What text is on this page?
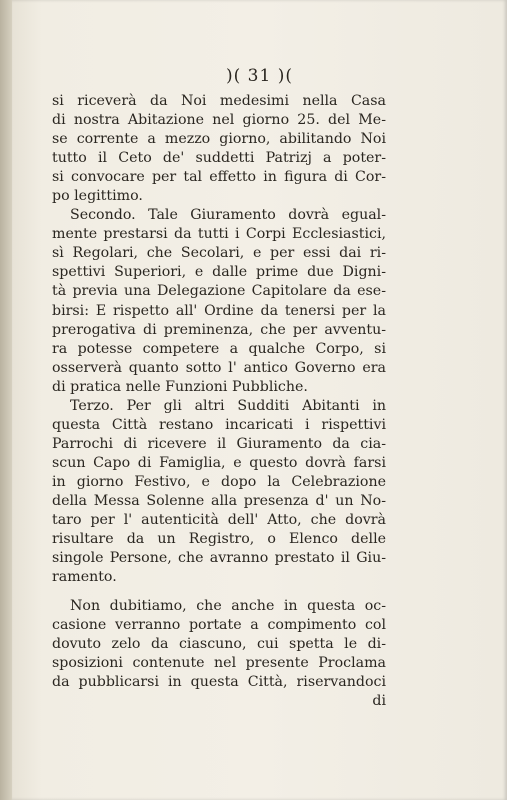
)( 31 )(
si riceverà da Noi medesimi nella Casa
di nostra Abitazione nel giorno 25. del Me-
se corrente a mezzo giorno, abilitando Noi
tutto il Ceto de' suddetti Patrizj a poter-
si convocare per tal effetto in figura di Cor-
po legittimo.
Secondo. Tale Giuramento dovrà egual-
mente prestarsi da tutti i Corpi Ecclesiastici,
sì Regolari, che Secolari, e per essi dai ri-
spettivi Superiori, e dalle prime due Digni-
tà previa una Delegazione Capitolare da ese-
birsi: E rispetto all' Ordine da tenersi per la
prerogativa di preminenza, che per avventu-
ra potesse competere a qualche Corpo, si
osserverà quanto sotto l' antico Governo era
di pratica nelle Funzioni Pubbliche.
Terzo. Per gli altri Sudditi Abitanti in
questa Città restano incaricati i rispettivi
Parrochi di ricevere il Giuramento da cia-
scun Capo di Famiglia, e questo dovrà farsi
in giorno Festivo, e dopo la Celebrazione
della Messa Solenne alla presenza d' un No-
taro per l' autenticità dell' Atto, che dovrà
risultare da un Registro, o Elenco delle
singole Persone, che avranno prestato il Giu-
ramento.
Non dubitiamo, che anche in questa oc-
casione verranno portate a compimento col
dovuto zelo da ciascuno, cui spetta le di-
sposizioni contenute nel presente Proclama
da pubblicarsi in questa Città, riservandoci
di
